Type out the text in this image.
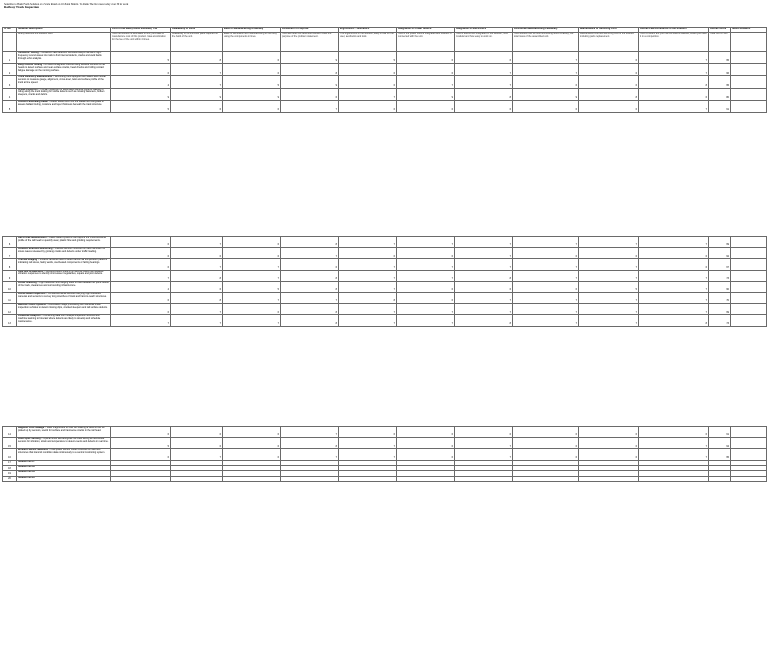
Sensitive to Bush Form Solution at a Scale Rated on 10-Point Matrix. To Rank The list cases today over 30 in work
Railway Track Inspection
S. No.	Solution Description	Cost of the Idea (CR000 invested)* Per	Availability of Parts	Ease of Manufacturing Assembly	Fulfillment of Purpose	Ergonomics - Aesthetics	Integration of Power Source	Integration of Electronics	Functional Manufacturing Feasibility	Maintenance or Servicing Cost	Overall Feel/Confidence in the Solution	Overall Score	Notes Remarks
	Briefly describe the solution here	How the solution is estimated to first, purchase & manufacture cost of this product. Idea amortization for the fee of the unit within 4 times.	Availability of off-the-shelf parts required for the build of the unit.	Ease of fabrication and manufacturing of the body using the components in lines.	How well does the described solution meet the purpose of the problem statement.	The ergonomics of the solution, easy of use for the user, aesthetics and look.	How is the power source integrated and solution in connected with the unit.	How is electronics integrated in the solution, how modular and how easy to work on.	How solution can be built functioning within a facility, the total mass of the assembled unit.	Maintenance cost and servicing cost of the solution including parts replacement.	How confident are you that the idea is feasible, would you back it in a competition.	Total Out Of 100	
1	Ultrasonic Testing – Ultrasonic flaw detection vehicles/trolleys that send high-frequency sound waves into rails to find internal defects, cracks and weld faults through echo analysis.	5	8	6	9	5	6	6	7	6	7	65	
2	Eddy Current Testing – An electromagnetic method using induced currents in rail heads to detect surface and near-surface cracks, head checks and rolling contact fatigue damage on the running surface.	6	7	6	8	6	6	7	7	6	7	66	
3	Track Geometry Measurement – Recording cars equipped with lasers and inertial sensors to measure gauge, alignment, cross-level, twist and surface profile of the track at line speed.	4	7	5	9	6	7	7	6	6	8	65	
4	Visual Inspection – Human inspectors or automated camera systems walking or riding along the track looking for visible defects such as missing fasteners, broken sleepers, cracks and debris.	9	9	9	6	7	9	8	9	8	6	80	
5	Ground Penetrating Radar – Radar waves sent into the ballast and subgrade to assess ballast fouling, moisture and layer thickness beneath the track structure.	5	6	6	7	6	6	6	6	6	7	61	
6	Rail Profile Measurement – Laser-based systems that capture the cross-sectional profile of the rail head to quantify wear, plastic flow and grinding requirements.	6	7	6	8	7	7	7	7	7	7	69	
7	Acoustic Emission Monitoring – Passive sensors mounted on rails that listen for stress waves released by growing cracks and defects under traffic loading.	6	6	6	7	6	6	7	6	6	6	62	
8	Thermal Imaging – Infrared cameras used to detect abnormal temperature patterns indicating rail stress, faulty welds, overheated components or failing bearings.	6	7	7	6	7	7	7	7	7	6	67	
9	Axle Box Acceleration – Accelerometers fitted on in-service trains that measure vibration responses to identify short-wave irregularities, squats and joint defects.	7	8	7	8	7	7	8	7	7	7	73	
10	LiDAR Scanning – Light detection and ranging used to build detailed 3D point clouds of the track, clearances and surrounding infrastructure.	4	6	5	8	7	6	6	6	5	7	60	
11	Drone Based Inspection – Unmanned aerial vehicles carrying high-resolution cameras and sensors to survey long stretches of track and hard-to-reach structures.	6	8	7	7	8	6	7	7	7	7	70	
12	Machine Vision Systems – Automated image processing with cameras under inspection vehicles to detect missing clips, cracked sleepers and rail surface defects.	6	7	6	8	7	7	7	7	7	7	69	
13	Predictive Analytics – Combining data from multiple inspection sources with machine learning to forecast where defects are likely to develop and schedule maintenance.	7	7	7	8	7	7	8	7	7	8	73	
14	Magnetic Flux Leakage – Rails magnetised so that flux leaking at defects can be picked up by sensors, useful for surface and transverse cracks in the rail head.	6	6	6	7	6	6	6	6	6	6	61	
15	Fibre Optic Sensing – Optical fibres laid alongside the track acting as distributed sensors for vibration, strain and temperature to detect events and defects in real time.	5	6	6	8	7	6	7	6	6	7	64	
16	Wireless Sensor Networks – Low-power sensor nodes mounted on rails and structures that transmit condition data continuously to a central monitoring system.	6	7	6	7	7	6	7	6	6	7	65	
17	Solution No 17												
18	Solution No 18												
19	Solution No 19												
20	Solution No 20												
